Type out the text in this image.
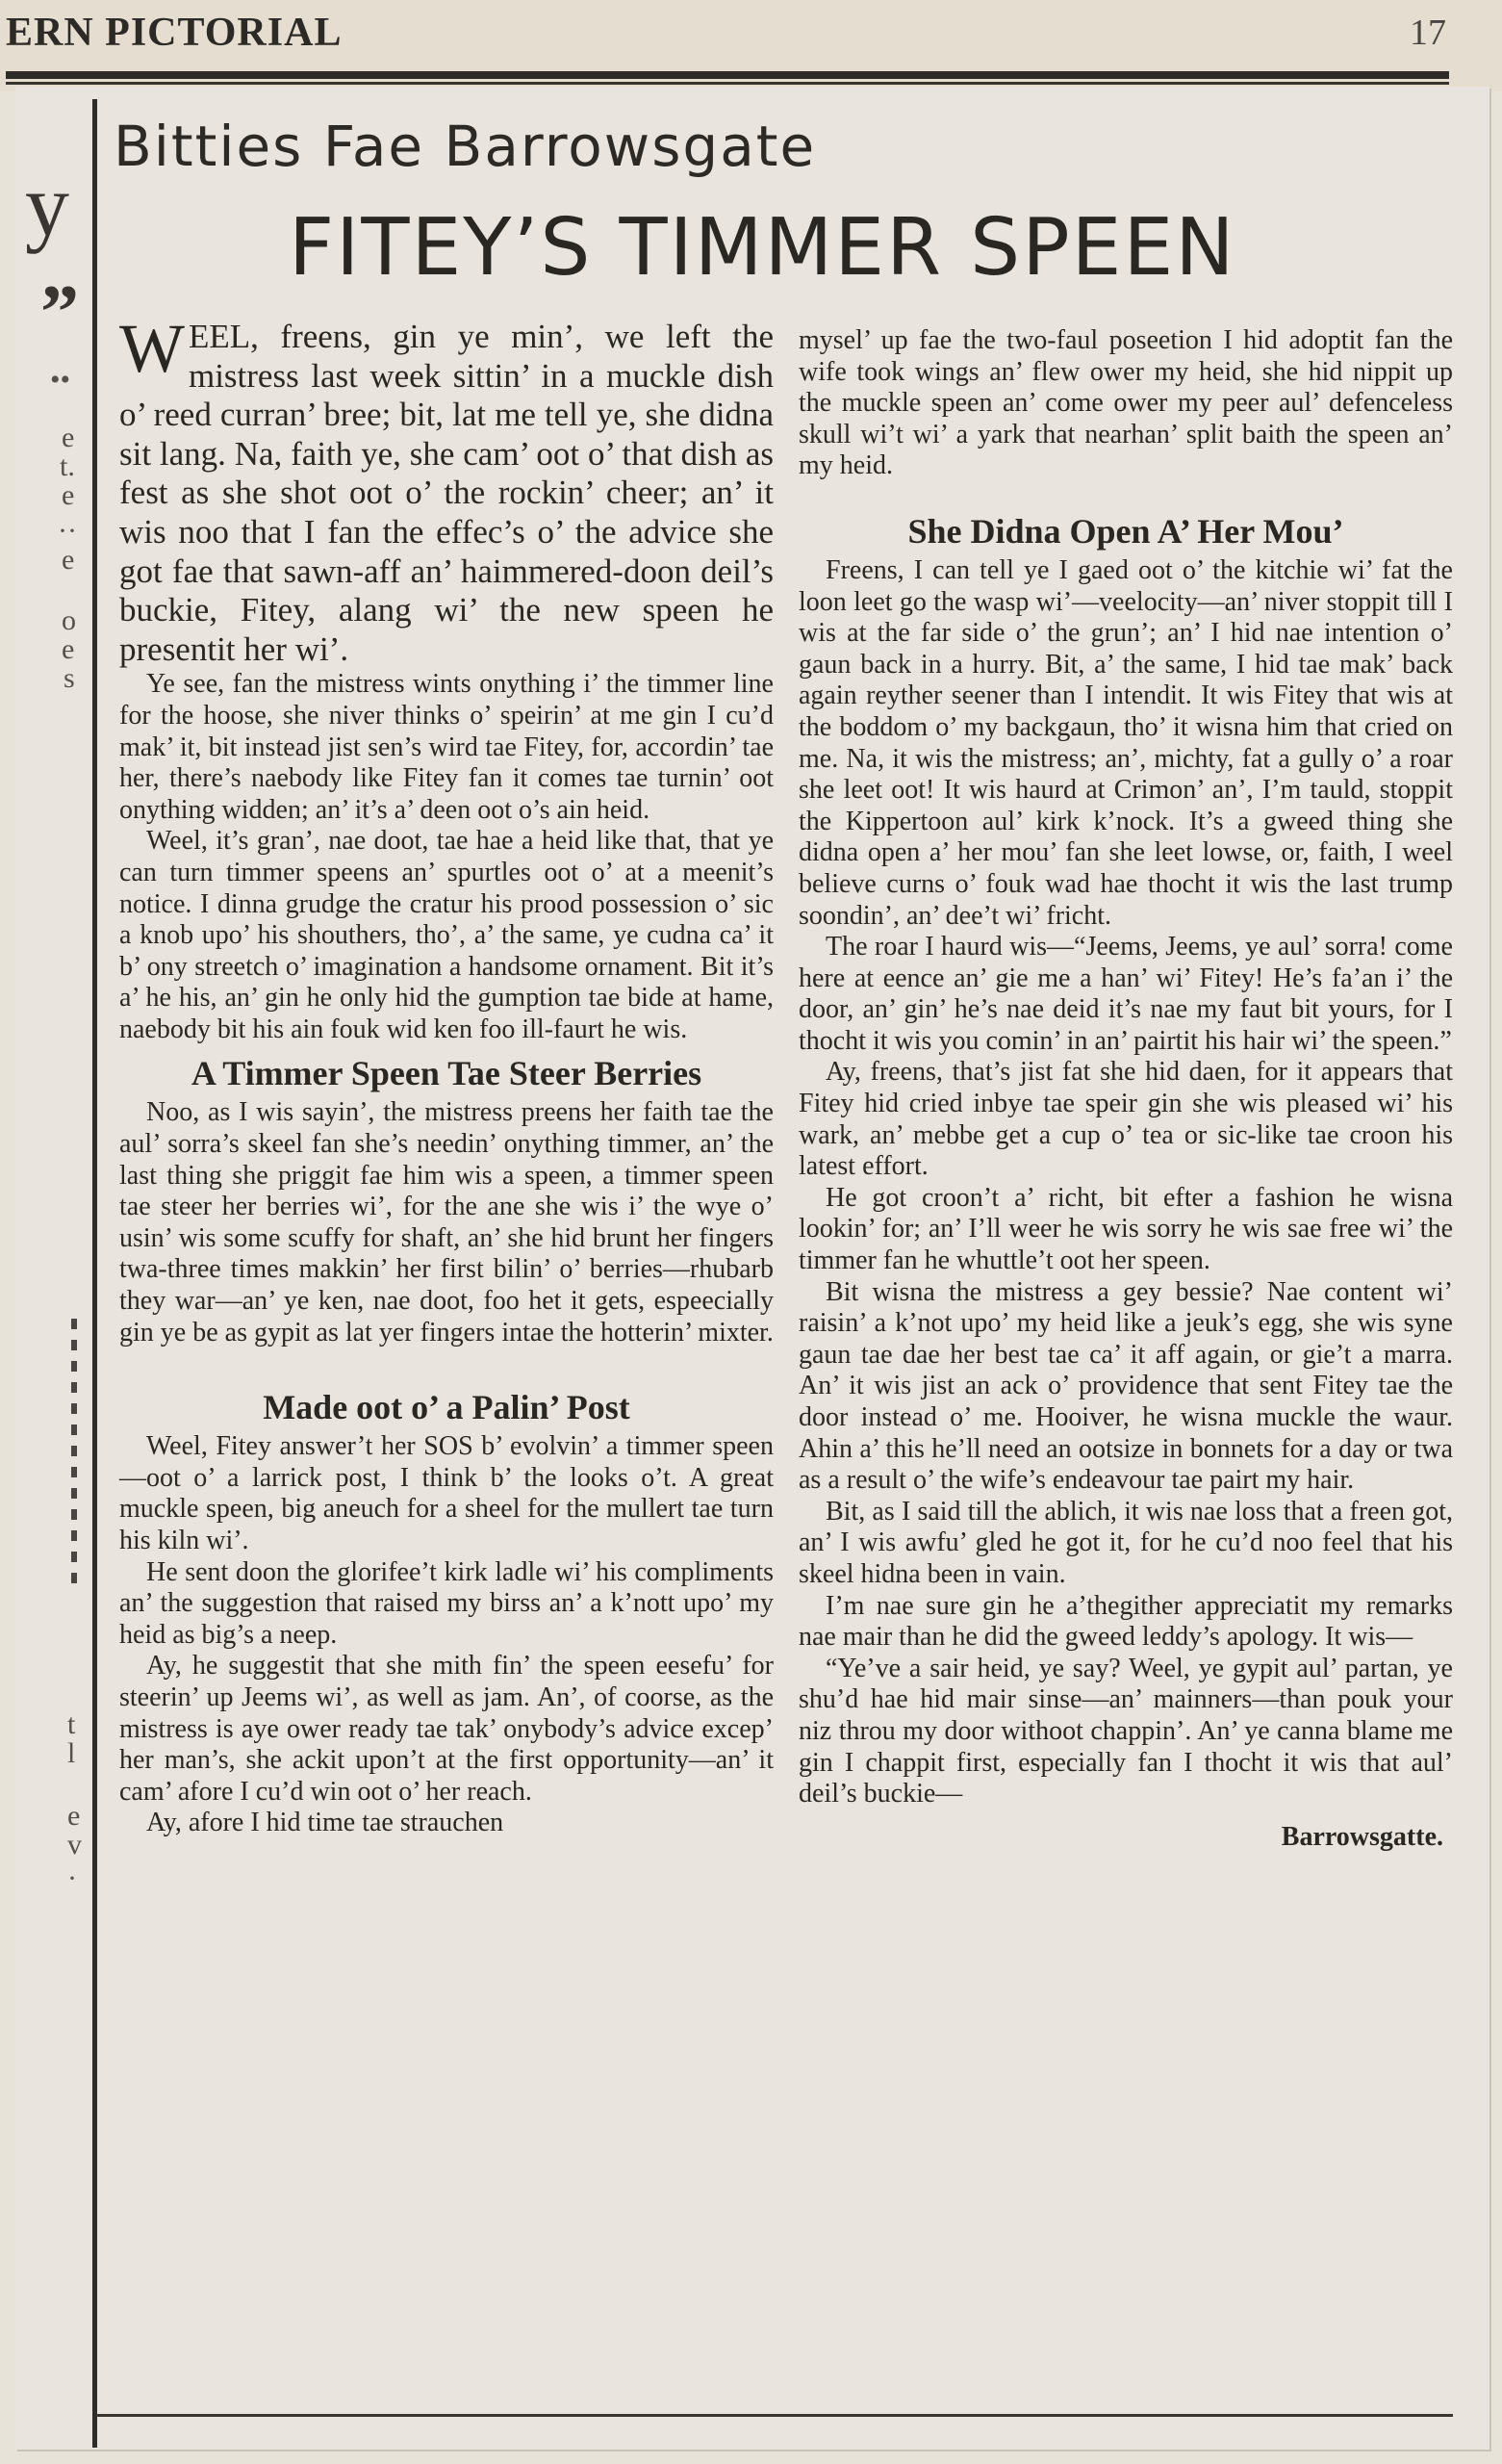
ERN PICTORIAL	17
y
”
••
e
t.
e
··
e
o
e
s
t
l
e
v
·
Bitties Fae Barrowsgate
FITEY’S TIMMER SPEEN

WEEL, freens, gin ye min’, we left the mistress last week sittin’ in a muckle dish o’ reed curran’ bree; bit, lat me tell ye, she didna sit lang. Na, faith ye, she cam’ oot o’ that dish as fest as she shot oot o’ the rockin’ cheer; an’ it wis noo that I fan the effec’s o’ the advice she got fae that sawn-aff an’ haimmered-doon deil’s buckie, Fitey, alang wi’ the new speen he presentit her wi’.

Ye see, fan the mistress wints onything i’ the timmer line for the hoose, she niver thinks o’ speirin’ at me gin I cu’d mak’ it, bit instead jist sen’s wird tae Fitey, for, accordin’ tae her, there’s naebody like Fitey fan it comes tae turnin’ oot onything widden; an’ it’s a’ deen oot o’s ain heid.

Weel, it’s gran’, nae doot, tae hae a heid like that, that ye can turn timmer speens an’ spurtles oot o’ at a meenit’s notice. I dinna grudge the cratur his prood possession o’ sic a knob upo’ his shouthers, tho’, a’ the same, ye cudna ca’ it b’ ony streetch o’ imagination a handsome ornament. Bit it’s a’ he his, an’ gin he only hid the gumption tae bide at hame, naebody bit his ain fouk wid ken foo ill-faurt he wis.

A Timmer Speen Tae Steer Berries

Noo, as I wis sayin’, the mistress preens her faith tae the aul’ sorra’s skeel fan she’s needin’ onything timmer, an’ the last thing she priggit fae him wis a speen, a timmer speen tae steer her berries wi’, for the ane she wis i’ the wye o’ usin’ wis some scuffy for shaft, an’ she hid brunt her fingers twa-three times makkin’ her first bilin’ o’ berries—rhubarb they war—an’ ye ken, nae doot, foo het it gets, espeecially gin ye be as gypit as lat yer fingers intae the hotterin’ mixter.

Made oot o’ a Palin’ Post

Weel, Fitey answer’t her SOS b’ evolvin’ a timmer speen—oot o’ a larrick post, I think b’ the looks o’t. A great muckle speen, big aneuch for a sheel for the mullert tae turn his kiln wi’.

He sent doon the glorifee’t kirk ladle wi’ his compliments an’ the suggestion that raised my birss an’ a k’nott upo’ my heid as big’s a neep.

Ay, he suggestit that she mith fin’ the speen eesefu’ for steerin’ up Jeems wi’, as well as jam. An’, of coorse, as the mistress is aye ower ready tae tak’ onybody’s advice excep’ her man’s, she ackit upon’t at the first opportunity—an’ it cam’ afore I cu’d win oot o’ her reach.

Ay, afore I hid time tae strauchen

mysel’ up fae the two-faul poseetion I hid adoptit fan the wife took wings an’ flew ower my heid, she hid nippit up the muckle speen an’ come ower my peer aul’ defenceless skull wi’t wi’ a yark that nearhan’ split baith the speen an’ my heid.

She Didna Open A’ Her Mou’

Freens, I can tell ye I gaed oot o’ the kitchie wi’ fat the loon leet go the wasp wi’—veelocity—an’ niver stoppit till I wis at the far side o’ the grun’; an’ I hid nae intention o’ gaun back in a hurry. Bit, a’ the same, I hid tae mak’ back again reyther seener than I intendit. It wis Fitey that wis at the boddom o’ my backgaun, tho’ it wisna him that cried on me. Na, it wis the mistress; an’, michty, fat a gully o’ a roar she leet oot! It wis haurd at Crimon’ an’, I’m tauld, stoppit the Kippertoon aul’ kirk k’nock. It’s a gweed thing she didna open a’ her mou’ fan she leet lowse, or, faith, I weel believe curns o’ fouk wad hae thocht it wis the last trump soondin’, an’ dee’t wi’ fricht.

The roar I haurd wis—“Jeems, Jeems, ye aul’ sorra! come here at eence an’ gie me a han’ wi’ Fitey! He’s fa’an i’ the door, an’ gin’ he’s nae deid it’s nae my faut bit yours, for I thocht it wis you comin’ in an’ pairtit his hair wi’ the speen.”

Ay, freens, that’s jist fat she hid daen, for it appears that Fitey hid cried inbye tae speir gin she wis pleased wi’ his wark, an’ mebbe get a cup o’ tea or sic-like tae croon his latest effort.

He got croon’t a’ richt, bit efter a fashion he wisna lookin’ for; an’ I’ll weer he wis sorry he wis sae free wi’ the timmer fan he whuttle’t oot her speen.

Bit wisna the mistress a gey bessie? Nae content wi’ raisin’ a k’not upo’ my heid like a jeuk’s egg, she wis syne gaun tae dae her best tae ca’ it aff again, or gie’t a marra. An’ it wis jist an ack o’ providence that sent Fitey tae the door instead o’ me. Hooiver, he wisna muckle the waur. Ahin a’ this he’ll need an ootsize in bonnets for a day or twa as a result o’ the wife’s endeavour tae pairt my hair.

Bit, as I said till the ablich, it wis nae loss that a freen got, an’ I wis awfu’ gled he got it, for he cu’d noo feel that his skeel hidna been in vain.

I’m nae sure gin he a’thegither appreciatit my remarks nae mair than he did the gweed leddy’s apology. It wis—

“Ye’ve a sair heid, ye say? Weel, ye gypit aul’ partan, ye shu’d hae hid mair sinse—an’ mainners—than pouk your niz throu my door withoot chappin’. An’ ye canna blame me gin I chappit first, especially fan I thocht it wis that aul’ deil’s buckie—

Barrowsgatte.
